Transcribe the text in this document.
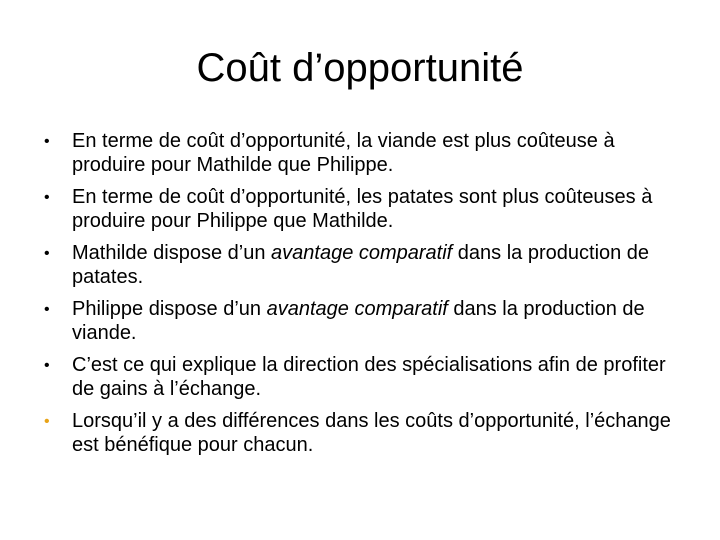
Coût d’opportunité
• En terme de coût d’opportunité, la viande est plus coûteuse à produire pour Mathilde que Philippe.
• En terme de coût d’opportunité, les patates sont plus coûteuses à produire pour Philippe que Mathilde.
• Mathilde dispose d’un avantage comparatif dans la production de patates.
• Philippe dispose d’un avantage comparatif dans la production de viande.
• C’est ce qui explique la direction des spécialisations afin de profiter de gains à l’échange.
• Lorsqu’il y a des différences dans les coûts d’opportunité, l’échange est bénéfique pour chacun.
